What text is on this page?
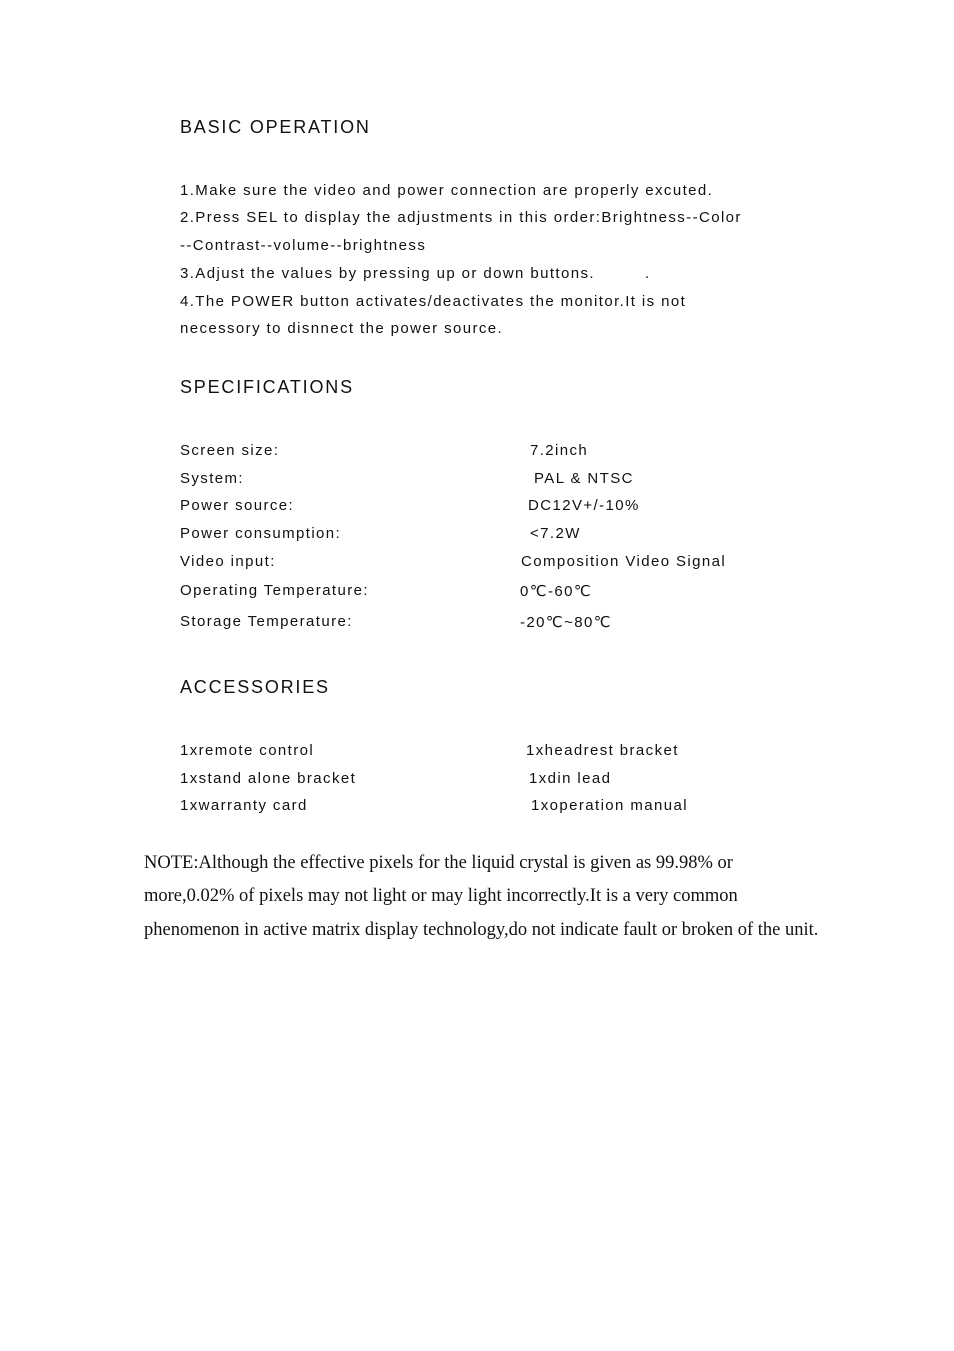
BASIC OPERATION
1.Make sure the video and power connection are properly excuted.
2.Press SEL to display the adjustments in this order:Brightness--Color
--Contrast--volume--brightness
3.Adjust the values by pressing up or down buttons.         .
4.The POWER button activates/deactivates the monitor.It is not
necessory to disnnect the power source.
SPECIFICATIONS
Screen size:	7.2inch
System:	PAL & NTSC
Power source:	DC12V+/-10%
Power consumption:	<7.2W
Video input:	Composition Video Signal
Operating Temperature:	0℃-60℃
Storage Temperature:	-20℃~80℃
ACCESSORIES
1xremote control	1xheadrest bracket
1xstand alone bracket	1xdin lead
1xwarranty card	1xoperation manual
NOTE:Although the effective pixels for the liquid crystal is given as 99.98% or more,0.02% of pixels may not light or may light incorrectly.It is a very common phenomenon in active matrix display technology,do not indicate fault or broken of the unit.
